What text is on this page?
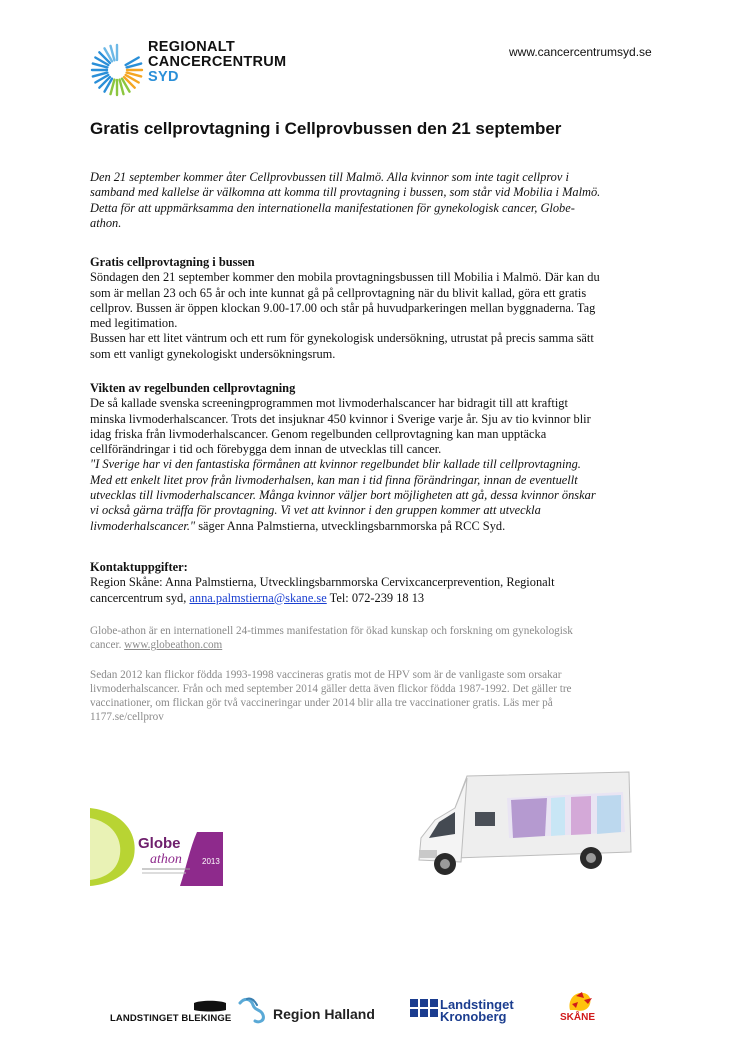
REGIONALT
CANCERCENTRUM
SYD
www.cancercentrumsyd.se
Gratis cellprovtagning i Cellprovbussen den 21 september

Den 21 september kommer åter Cellprovbussen till Malmö. Alla kvinnor som inte tagit cellprov i

samband med kallelse är välkomna att komma till provtagning i bussen, som står vid Mobilia i Malmö.

Detta för att uppmärksamma den internationella manifestationen för gynekologisk cancer, Globe-

athon.

Gratis cellprovtagning i bussen

Söndagen den 21 september kommer den mobila provtagningsbussen till Mobilia i Malmö. Där kan du

som är mellan 23 och 65 år och inte kunnat gå på cellprovtagning när du blivit kallad, göra ett gratis

cellprov. Bussen är öppen klockan 9.00-17.00 och står på huvudparkeringen mellan byggnaderna. Tag

med legitimation.

Bussen har ett litet väntrum och ett rum för gynekologisk undersökning, utrustat på precis samma sätt

som ett vanligt gynekologiskt undersökningsrum.

Vikten av regelbunden cellprovtagning

De så kallade svenska screeningprogrammen mot livmoderhalscancer har bidragit till att kraftigt

minska livmoderhalscancer. Trots det insjuknar 450 kvinnor i Sverige varje år. Sju av tio kvinnor blir

idag friska från livmoderhalscancer. Genom regelbunden cellprovtagning kan man upptäcka

cellförändringar i tid och förebygga dem innan de utvecklas till cancer.

"I Sverige har vi den fantastiska förmånen att kvinnor regelbundet blir kallade till cellprovtagning.

Med ett enkelt litet prov från livmoderhalsen, kan man i tid finna förändringar, innan de eventuellt

utvecklas till livmoderhalscancer. Många kvinnor väljer bort möjligheten att gå, dessa kvinnor önskar

vi också gärna träffa för provtagning. Vi vet att kvinnor i den gruppen kommer att utveckla

livmoderhalscancer." säger Anna Palmstierna, utvecklingsbarnmorska på RCC Syd.

Kontaktuppgifter:

Region Skåne: Anna Palmstierna, Utvecklingsbarnmorska Cervixcancerprevention, Regionalt

cancercentrum syd, anna.palmstierna@skane.se Tel: 072-239 18 13

Globe-athon är en internationell 24-timmes manifestation för ökad kunskap och forskning om gynekologisk

cancer. www.globeathon.com

Sedan 2012 kan flickor födda 1993-1998 vaccineras gratis mot de HPV som är de vanligaste som orsakar

livmoderhalscancer. Från och med september 2014 gäller detta även flickor födda 1987-1992. Det gäller tre

vaccinationer, om flickan gör två vaccineringar under 2014 blir alla tre vaccinationer gratis. Läs mer på

1177.se/cellprov

Globe
athon	2013
LANDSTINGET BLEKINGE	Region Halland
Landstinget
Kronoberg	SKÅNE
